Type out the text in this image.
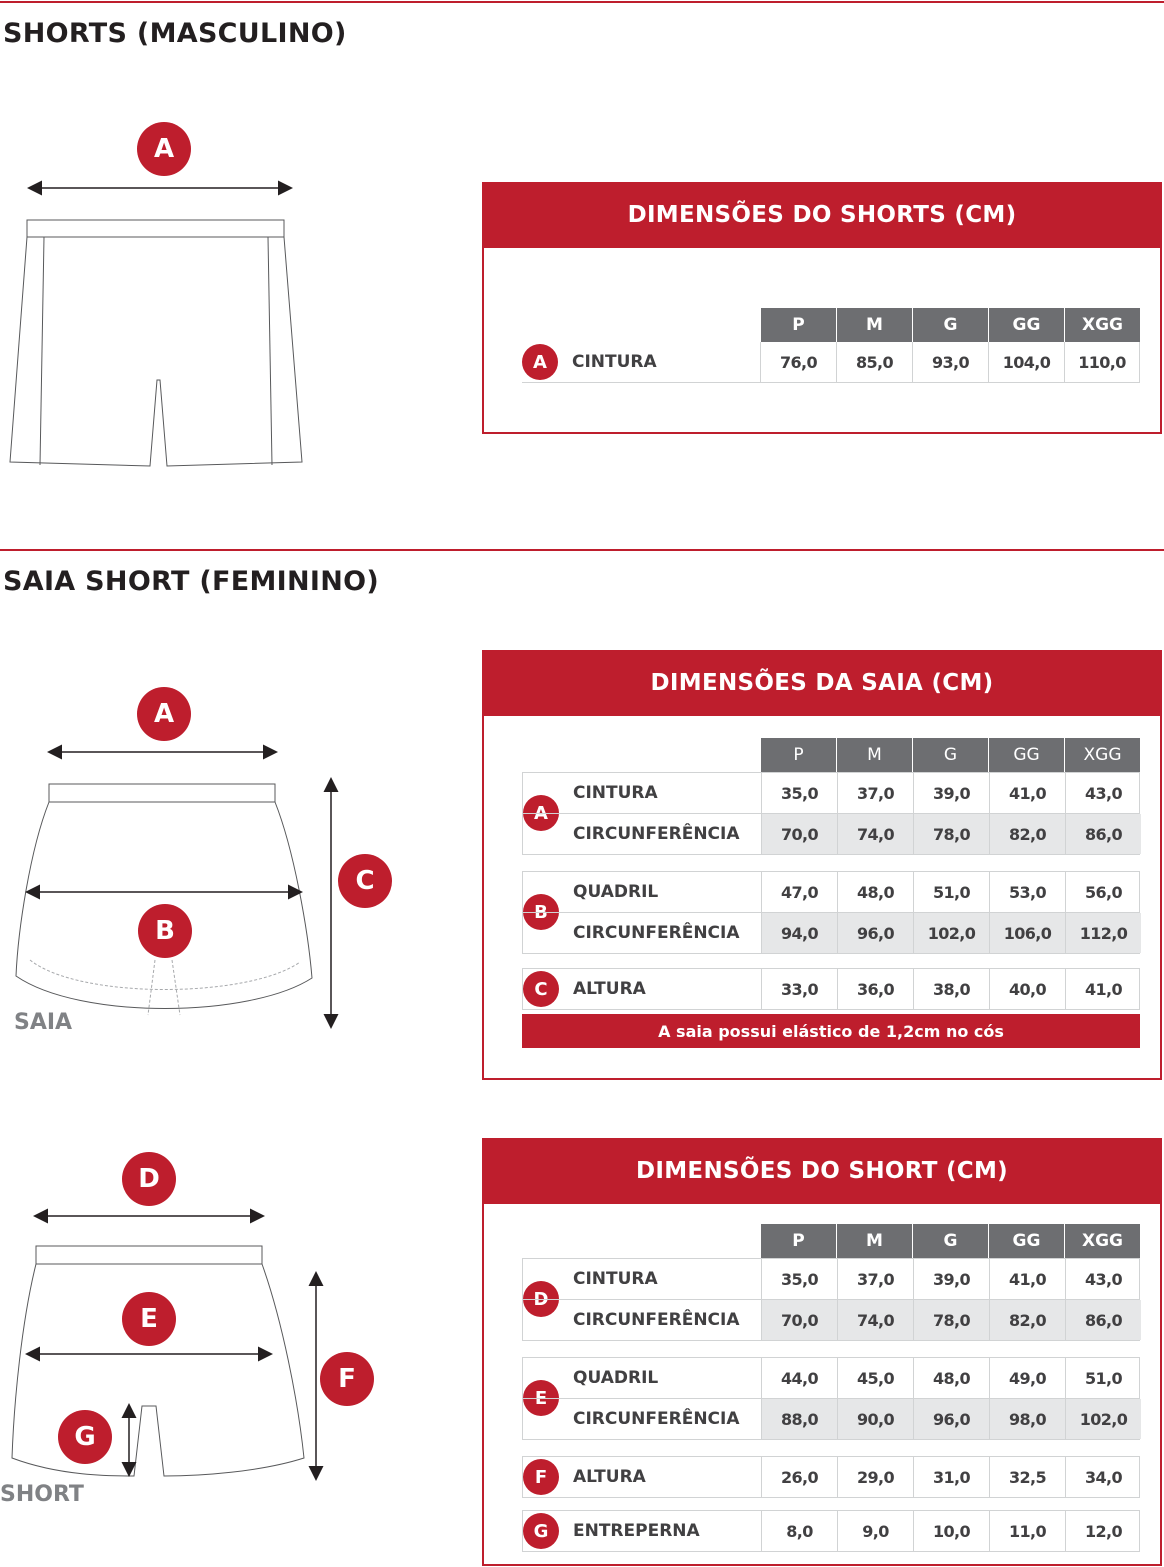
SHORTS (MASCULINO)
A
DIMENSÕES DO SHORTS (CM)
P	M	G	GG	XGG
A	CINTURA	76,0	85,0	93,0	104,0	110,0
SAIA SHORT (FEMININO)
A
B
C
SAIA
DIMENSÕES DA SAIA (CM)
P	M	G	GG	XGG
A
CINTURA	35,0	37,0	39,0	41,0	43,0
CIRCUNFERÊNCIA	70,0	74,0	78,0	82,0	86,0
B
QUADRIL	47,0	48,0	51,0	53,0	56,0
CIRCUNFERÊNCIA	94,0	96,0	102,0	106,0	112,0
C	ALTURA	33,0	36,0	38,0	40,0	41,0
A saia possui elástico de 1,2cm no cós
D
E
F
G
SHORT
DIMENSÕES DO SHORT (CM)
P	M	G	GG	XGG
D
CINTURA	35,0	37,0	39,0	41,0	43,0
CIRCUNFERÊNCIA	70,0	74,0	78,0	82,0	86,0
E
QUADRIL	44,0	45,0	48,0	49,0	51,0
CIRCUNFERÊNCIA	88,0	90,0	96,0	98,0	102,0
F	ALTURA	26,0	29,0	31,0	32,5	34,0
G	ENTREPERNA	8,0	9,0	10,0	11,0	12,0
